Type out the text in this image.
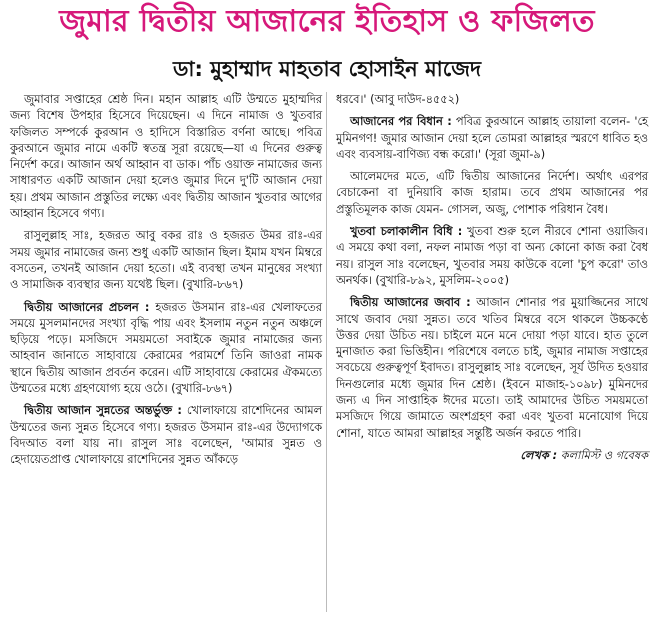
জুমার দ্বিতীয় আজানের ইতিহাস ও ফজিলত
ডা: মুহাম্মাদ মাহতাব হোসাইন মাজেদ

জুমাবার সপ্তাহের শ্রেষ্ঠ দিন। মহান আল্লাহ এটি উম্মতে মুহাম্মদির জন্য বিশেষ উপহার হিসেবে দিয়েছেন। এ দিনে নামাজ ও খুতবার ফজিলত সম্পর্কে কুরআন ও হাদিসে বিস্তারিত বর্ণনা আছে। পবিত্র কুরআনে জুমার নামে একটি স্বতন্ত্র সূরা রয়েছে—যা এ দিনের গুরুত্ব নির্দেশ করে। আজান অর্থ আহ্বান বা ডাক। পাঁচ ওয়াক্ত নামাজের জন্য সাধারণত একটি আজান দেয়া হলেও জুমার দিনে দু'টি আজান দেয়া হয়। প্রথম আজান প্রস্তুতির লক্ষ্যে এবং দ্বিতীয় আজান খুতবার আগের আহ্বান হিসেবে গণ্য।

রাসুলুল্লাহ সাঃ, হজরত আবু বকর রাঃ ও হজরত উমর রাঃ-এর সময় জুমার নামাজের জন্য শুধু একটি আজান ছিল। ইমাম যখন মিম্বরে বসতেন, তখনই আজান দেয়া হতো। এই ব্যবস্থা তখন মানুষের সংখ্যা ও সামাজিক ব্যবস্থার জন্য যথেষ্ট ছিল। (বুখারি-৮৬৭)

দ্বিতীয় আজানের প্রচলন : হজরত উসমান রাঃ-এর খেলাফতের সময়ে মুসলমানদের সংখ্যা বৃদ্ধি পায় এবং ইসলাম নতুন নতুন অঞ্চলে ছড়িয়ে পড়ে। মসজিদে সময়মতো সবাইকে জুমার নামাজের জন্য আহবান জানাতে সাহাবায়ে কেরামের পরামর্শে তিনি জাওরা নামক স্থানে দ্বিতীয় আজান প্রবর্তন করেন। এটি সাহাবায়ে কেরামের ঐকমত্যে উম্মতের মধ্যে গ্রহণযোগ্য হয়ে ওঠে। (বুখারি-৮৬৭)

দ্বিতীয় আজান সুন্নতের অন্তর্ভুক্ত : খোলাফায়ে রাশেদিনের আমল উম্মতের জন্য সুন্নত হিসেবে গণ্য। হজরত উসমান রাঃ-এর উদ্যোগকে বিদআত বলা যায় না। রাসুল সাঃ বলেছেন, 'আমার সুন্নত ও হেদায়েতপ্রাপ্ত খোলাফায়ে রাশেদিনের সুন্নত আঁকড়ে

ধরবে।' (আবু দাউদ-৪৫৫২)

আজানের পর বিধান : পবিত্র কুরআনে আল্লাহ তায়ালা বলেন- 'হে মুমিনগণ! জুমার আজান দেয়া হলে তোমরা আল্লাহর স্মরণে ধাবিত হও এবং ব্যবসায়-বাণিজ্য বন্ধ করো।' (সূরা জুমা-৯)

আলেমদের মতে, এটি দ্বিতীয় আজানের নির্দেশ। অর্থাৎ এরপর বেচাকেনা বা দুনিয়াবি কাজ হারাম। তবে প্রথম আজানের পর প্রস্তুতিমূলক কাজ যেমন- গোসল, অজু, পোশাক পরিধান বৈধ।

খুতবা চলাকালীন বিধি : খুতবা শুরু হলে নীরবে শোনা ওয়াজিব। এ সময়ে কথা বলা, নফল নামাজ পড়া বা অন্য কোনো কাজ করা বৈধ নয়। রাসুল সাঃ বলেছেন, খুতবার সময় কাউকে বলো 'চুপ করো' তাও অনর্থক। (বুখারি-৮৯২, মুসলিম-২০০৫)

দ্বিতীয় আজানের জবাব : আজান শোনার পর মুয়াজ্জিনের সাথে সাথে জবাব দেয়া সুন্নত। তবে খতিব মিম্বরে বসে থাকলে উচ্চকণ্ঠে উত্তর দেয়া উচিত নয়। চাইলে মনে মনে দোয়া পড়া যাবে। হাত তুলে মুনাজাত করা ভিত্তিহীন। পরিশেষে বলতে চাই, জুমার নামাজ সপ্তাহের সবচেয়ে গুরুত্বপূর্ণ ইবাদত। রাসুলুল্লাহ সাঃ বলেছেন, সূর্য উদিত হওয়ার দিনগুলোর মধ্যে জুমার দিন শ্রেষ্ঠ। (ইবনে মাজাহ-১০৯৮) মুমিনদের জন্য এ দিন সাপ্তাহিক ঈদের মতো। তাই আমাদের উচিত সময়মতো মসজিদে গিয়ে জামাতে অংশগ্রহণ করা এবং খুতবা মনোযোগ দিয়ে শোনা, যাতে আমরা আল্লাহর সন্তুষ্টি অর্জন করতে পারি।

লেখক : কলামিস্ট ও গবেষক
